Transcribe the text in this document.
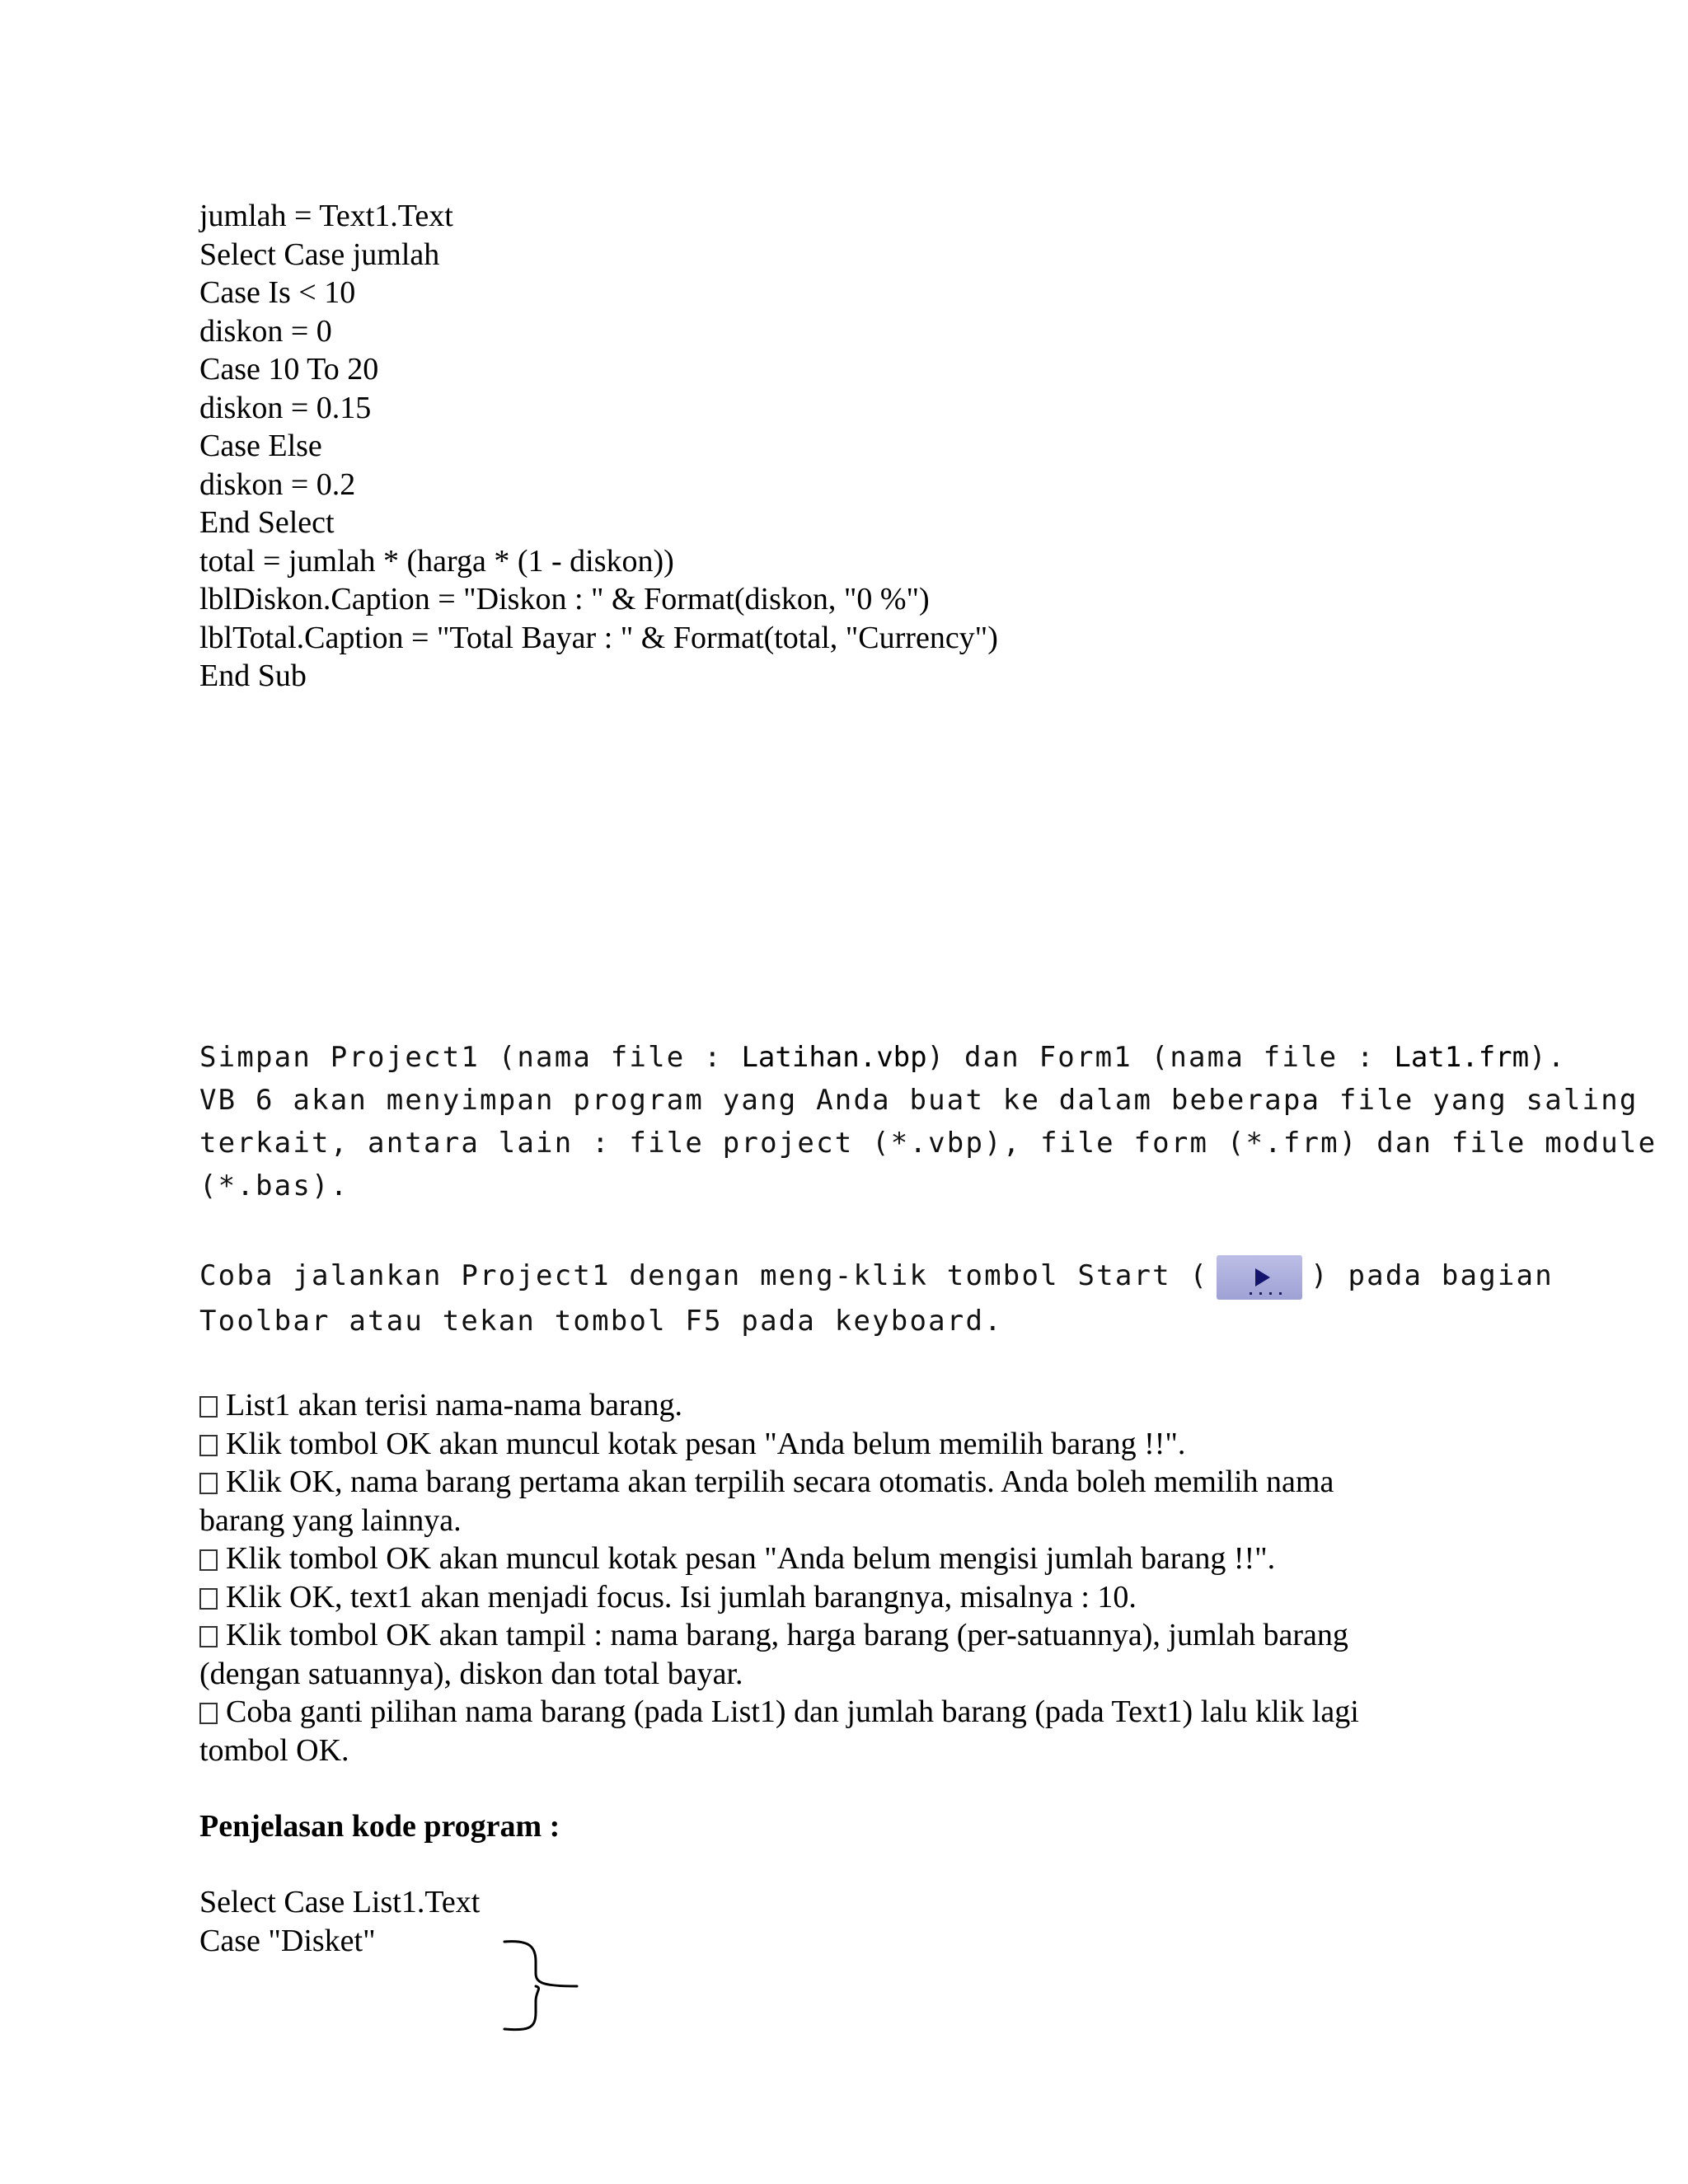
jumlah = Text1.Text
Select Case jumlah
Case Is < 10
diskon = 0
Case 10 To 20
diskon = 0.15
Case Else
diskon = 0.2
End Select
total = jumlah * (harga * (1 - diskon))
lblDiskon.Caption = "Diskon : " & Format(diskon, "0 %")
lblTotal.Caption = "Total Bayar : " & Format(total, "Currency")
End Sub
Simpan Project1 (nama file : Latihan.vbp) dan Form1 (nama file : Lat1.frm).
VB 6 akan menyimpan program yang Anda buat ke dalam beberapa file yang saling
terkait, antara lain : file project (*.vbp), file form (*.frm) dan file module
(*.bas).
Coba jalankan Project1 dengan meng-klik tombol Start (	) pada bagian
Toolbar atau tekan tombol F5 pada keyboard.
List1 akan terisi nama-nama barang.
Klik tombol OK akan muncul kotak pesan "Anda belum memilih barang !!".
Klik OK, nama barang pertama akan terpilih secara otomatis. Anda boleh memilih nama
barang yang lainnya.
Klik tombol OK akan muncul kotak pesan "Anda belum mengisi jumlah barang !!".
Klik OK, text1 akan menjadi focus. Isi jumlah barangnya, misalnya : 10.
Klik tombol OK akan tampil : nama barang, harga barang (per-satuannya), jumlah barang
(dengan satuannya), diskon dan total bayar.
Coba ganti pilihan nama barang (pada List1) dan jumlah barang (pada Text1) lalu klik lagi
tombol OK.
Penjelasan kode program :
Select Case List1.Text
Case "Disket"
